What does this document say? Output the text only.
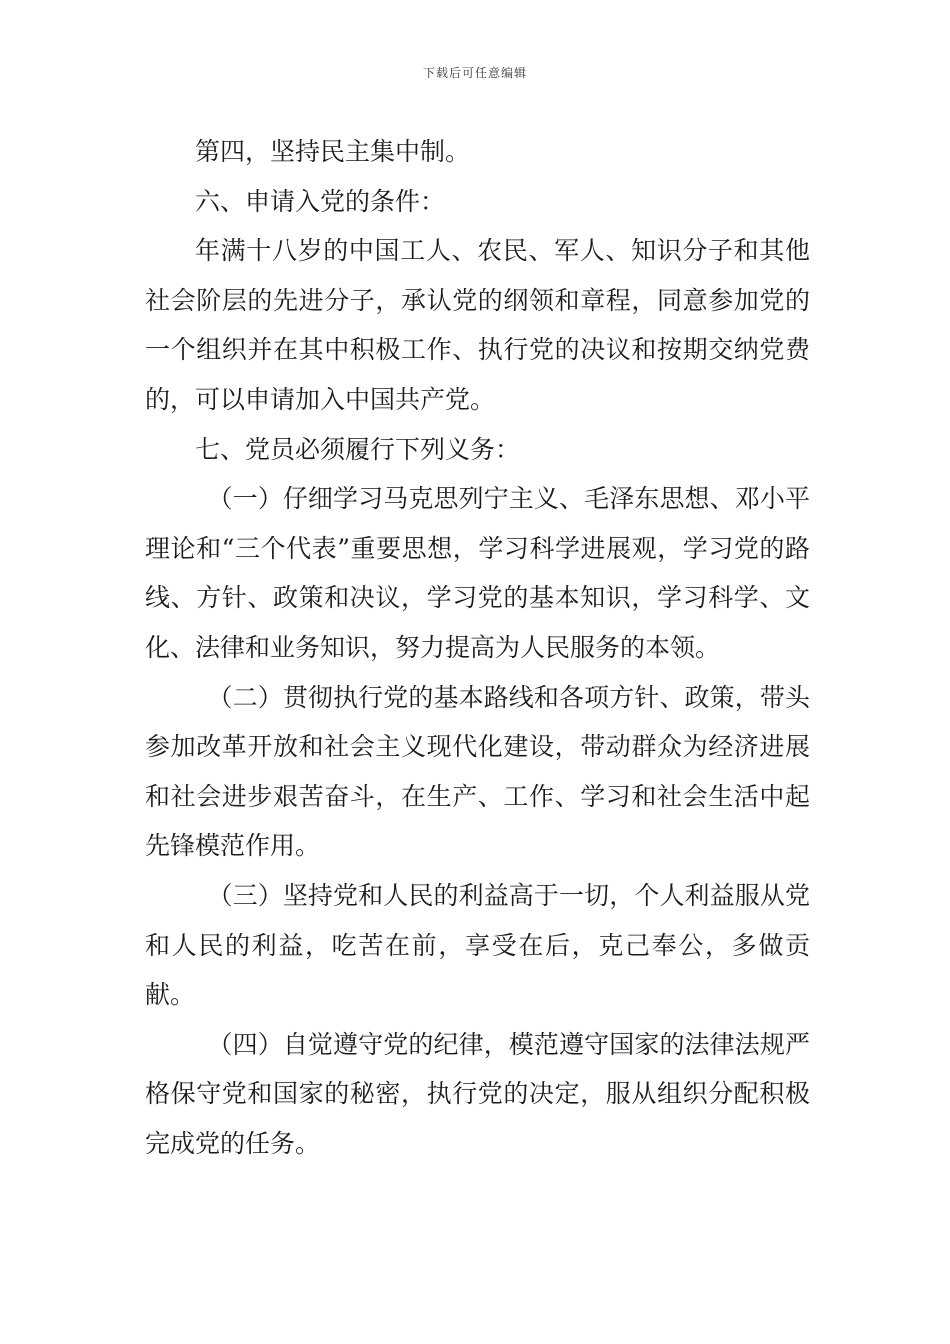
下载后可任意编辑

第四，坚持民主集中制。

六、申请入党的条件：

年满十八岁的中国工人、农民、军人、知识分子和其他社会阶层的先进分子，承认党的纲领和章程，同意参加党的一个组织并在其中积极工作、执行党的决议和按期交纳党费的，可以申请加入中国共产党。

七、党员必须履行下列义务：

（一）仔细学习马克思列宁主义、毛泽东思想、邓小平理论和“三个代表”重要思想，学习科学进展观，学习党的路线、方针、政策和决议，学习党的基本知识，学习科学、文化、法律和业务知识，努力提高为人民服务的本领。

（二）贯彻执行党的基本路线和各项方针、政策，带头参加改革开放和社会主义现代化建设，带动群众为经济进展和社会进步艰苦奋斗，在生产、工作、学习和社会生活中起先锋模范作用。

（三）坚持党和人民的利益高于一切，个人利益服从党和人民的利益，吃苦在前，享受在后，克己奉公，多做贡献。

（四）自觉遵守党的纪律，模范遵守国家的法律法规严格保守党和国家的秘密，执行党的决定，服从组织分配积极完成党的任务。
